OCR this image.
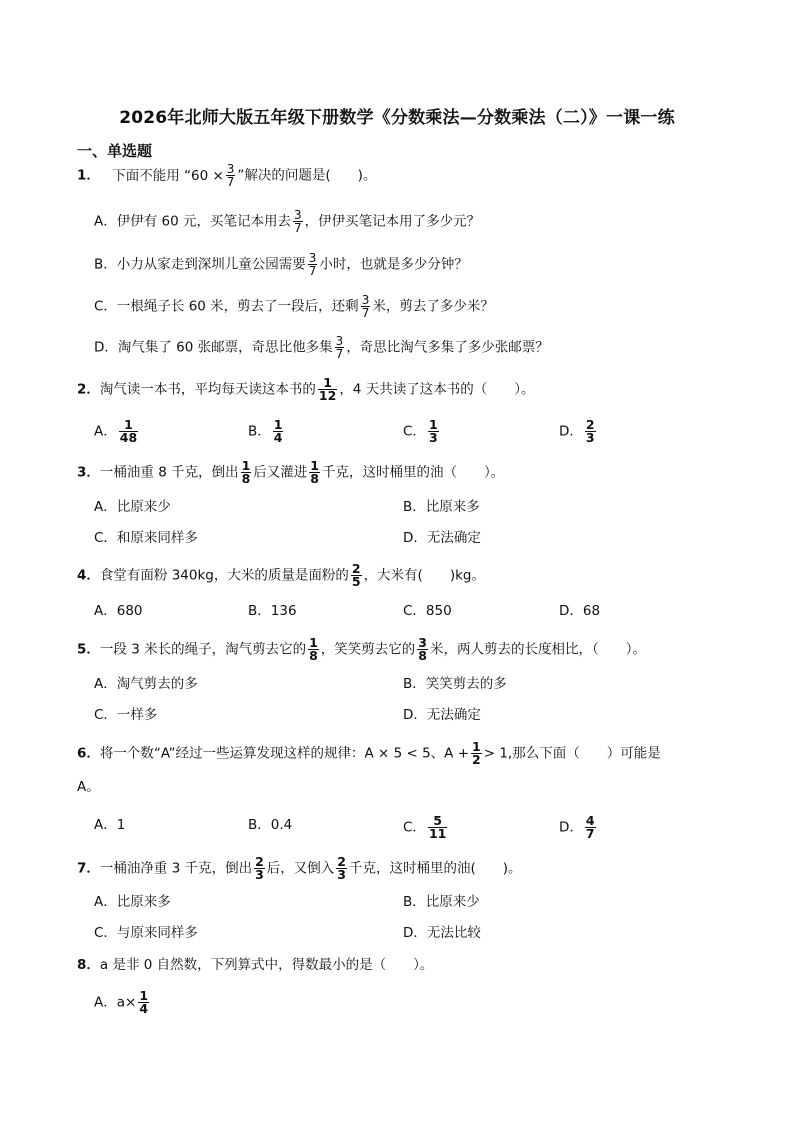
2026年北师大版五年级下册数学《分数乘法—分数乘法（二）》一课一练
一、单选题
1． 下面不能用 “$60 \times \frac{3}{7}$ ”解决的问题是(　　)。
A．伊伊有 60 元，买笔记本用去 $\frac{3}{7}$ ，伊伊买笔记本用了多少元？
B．小力从家走到深圳儿童公园需要 $\frac{3}{7}$ 小时，也就是多少分钟？
C．一根绳子长 60 米，剪去了一段后，还剩 $\frac{3}{7}$ 米，剪去了多少米？
D．淘气集了 60 张邮票，奇思比他多集 $\frac{3}{7}$ ，奇思比淘气多集了多少张邮票？
2．淘气读一本书，平均每天读这本书的 $\frac{1}{12}$ ，4 天共读了这本书的（　　）。
A． $\frac{1}{48}$	B． $\frac{1}{4}$	C． $\frac{1}{3}$	D． $\frac{2}{3}$
3．一桶油重 8 千克，倒出 $\frac{1}{8}$ 后又灌进 $\frac{1}{8}$ 千克，这时桶里的油（　　）。
A．比原来少	B．比原来多
C．和原来同样多	D．无法确定
4．食堂有面粉 340kg，大米的质量是面粉的 $\frac{2}{5}$ ，大米有(　　)kg。
A．680	B．136	C．850	D．68
5．一段 3 米长的绳子，淘气剪去它的 $\frac{1}{8}$ ，笑笑剪去它的 $\frac{3}{8}$ 米，两人剪去的长度相比，（　　）。
A．淘气剪去的多	B．笑笑剪去的多
C．一样多	D．无法确定
6．将一个数“A”经过一些运算发现这样的规律：A × 5 < 5、$A + \frac{1}{2} > 1$,那么下面（　　）可能是
A。
A．1	B．0.4	C． $\frac{5}{11}$	D． $\frac{4}{7}$
7．一桶油净重 3 千克，倒出 $\frac{2}{3}$ 后，又倒入 $\frac{2}{3}$ 千克，这时桶里的油(　　)。
A．比原来多	B．比原来少
C．与原来同样多	D．无法比较
8．a 是非 0 自然数，下列算式中，得数最小的是（　　）。
A．$a\times \frac{1}{4}$
